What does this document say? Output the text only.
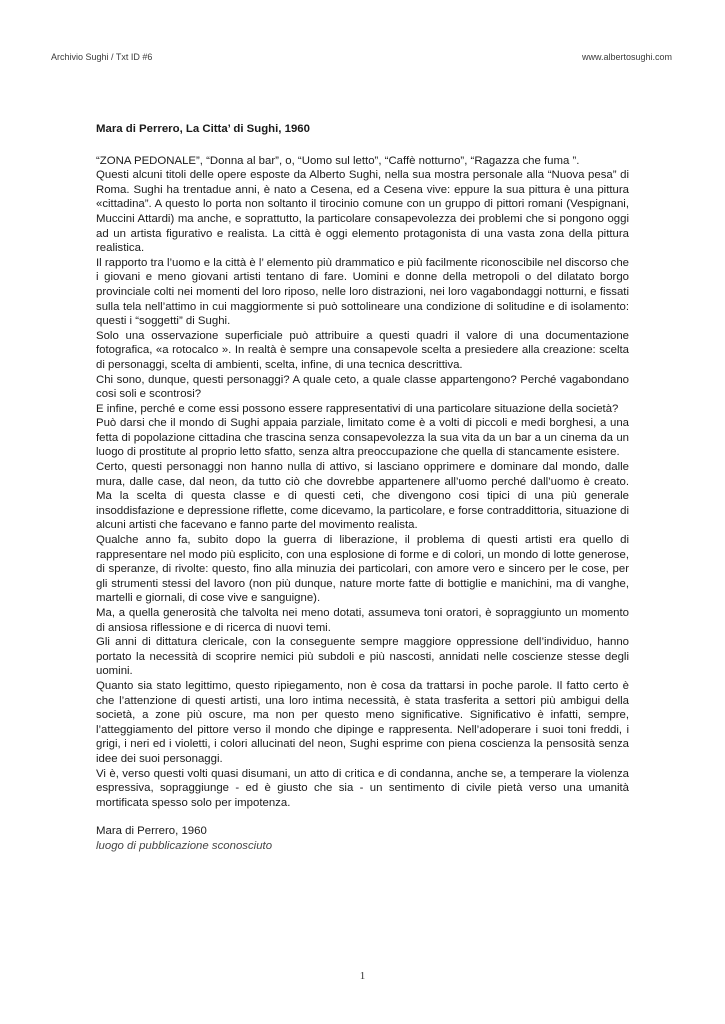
Archivio Sughi / Txt ID #6	www.albertosughi.com
Mara di Perrero, La Citta’ di Sughi, 1960

“ZONA PEDONALE”, “Donna al bar”, o, “Uomo sul letto”, “Caffè notturno”, “Ragazza che fuma ”.

Questi alcuni titoli delle opere esposte da Alberto Sughi, nella sua mostra personale alla “Nuova pesa” di Roma. Sughi ha trentadue anni, è nato a Cesena, ed a Cesena vive: eppure la sua pittura è una pittura «cittadina”. A questo lo porta non soltanto il tirocinio comune con un gruppo di pittori romani (Vespignani, Muccini Attardi) ma anche, e soprattutto, la particolare consapevolezza dei problemi che si pongono oggi ad un artista figurativo e realista. La città è oggi elemento protagonista di una vasta zona della pittura realistica.

Il rapporto tra l’uomo e la città è l’ elemento più drammatico e più facilmente riconoscibile nel discorso che i giovani e meno giovani artisti tentano di fare. Uomini e donne della metropoli o del dilatato borgo provinciale colti nei momenti del loro riposo, nelle loro distrazioni, nei loro vagabondaggi notturni, e fissati sulla tela nell’attimo in cui maggiormente si può sottolineare una condizione di solitudine e di isolamento: questi i “soggetti” di Sughi.

Solo una osservazione superficiale può attribuire a questi quadri il valore di una documentazione fotografica, «a rotocalco ». In realtà è sempre una consapevole scelta a presiedere alla creazione: scelta di personaggi, scelta di ambienti, scelta, infine, di una tecnica descrittiva.

Chi sono, dunque, questi personaggi? A quale ceto, a quale classe appartengono? Perché vagabondano cosi soli e scontrosi?

E infine, perché e come essi possono essere rappresentativi di una particolare situazione della società?

Può darsi che il mondo di Sughi appaia parziale, limitato come è a volti di piccoli e medi borghesi, a una fetta di popolazione cittadina che trascina senza consapevolezza la sua vita da un bar a un cinema da un luogo di prostitute al proprio letto sfatto, senza altra preoccupazione che quella di stancamente esistere.

Certo, questi personaggi non hanno nulla di attivo, si lasciano opprimere e dominare dal mondo, dalle mura, dalle case, dal neon, da tutto ciò che dovrebbe appartenere all’uomo perché dall’uomo è creato. Ma la scelta di questa classe e di questi ceti, che divengono cosi tipici di una più generale insoddisfazione e depressione riflette, come dicevamo, la particolare, e forse contraddittoria, situazione di alcuni artisti che facevano e fanno parte del movimento realista.

Qualche anno fa, subito dopo la guerra di liberazione, il problema di questi artisti era quello di rappresentare nel modo più esplicito, con una esplosione di forme e di colori, un mondo di lotte generose, di speranze, di rivolte: questo, fino alla minuzia dei particolari, con amore vero e sincero per le cose, per gli strumenti stessi del lavoro (non più dunque, nature morte fatte di bottiglie e manichini, ma di vanghe, martelli e giornali, di cose vive e sanguigne).

Ma, a quella generosità che talvolta nei meno dotati, assumeva toni oratori, è sopraggiunto un momento di ansiosa riflessione e di ricerca di nuovi temi.

Gli anni di dittatura clericale, con la conseguente sempre maggiore oppressione dell’individuo, hanno portato la necessità di scoprire nemici più subdoli e più nascosti, annidati nelle coscienze stesse degli uomini.

Quanto sia stato legittimo, questo ripiegamento, non è cosa da trattarsi in poche parole. Il fatto certo è che l’attenzione di questi artisti, una loro intima necessità, è stata trasferita a settori più ambigui della società, a zone più oscure, ma non per questo meno significative. Significativo è infatti, sempre, l’atteggiamento del pittore verso il mondo che dipinge e rappresenta. Nell’adoperare i suoi toni freddi, i grigi, i neri ed i violetti, i colori allucinati del neon, Sughi esprime con piena coscienza la pensosità senza idee dei suoi personaggi.

Vi è, verso questi volti quasi disumani, un atto di critica e di condanna, anche se, a temperare la violenza espressiva, sopraggiunge - ed è giusto che sia - un sentimento di civile pietà verso una umanità mortificata spesso solo per impotenza.

Mara di Perrero, 1960

luogo di pubblicazione sconosciuto

1
